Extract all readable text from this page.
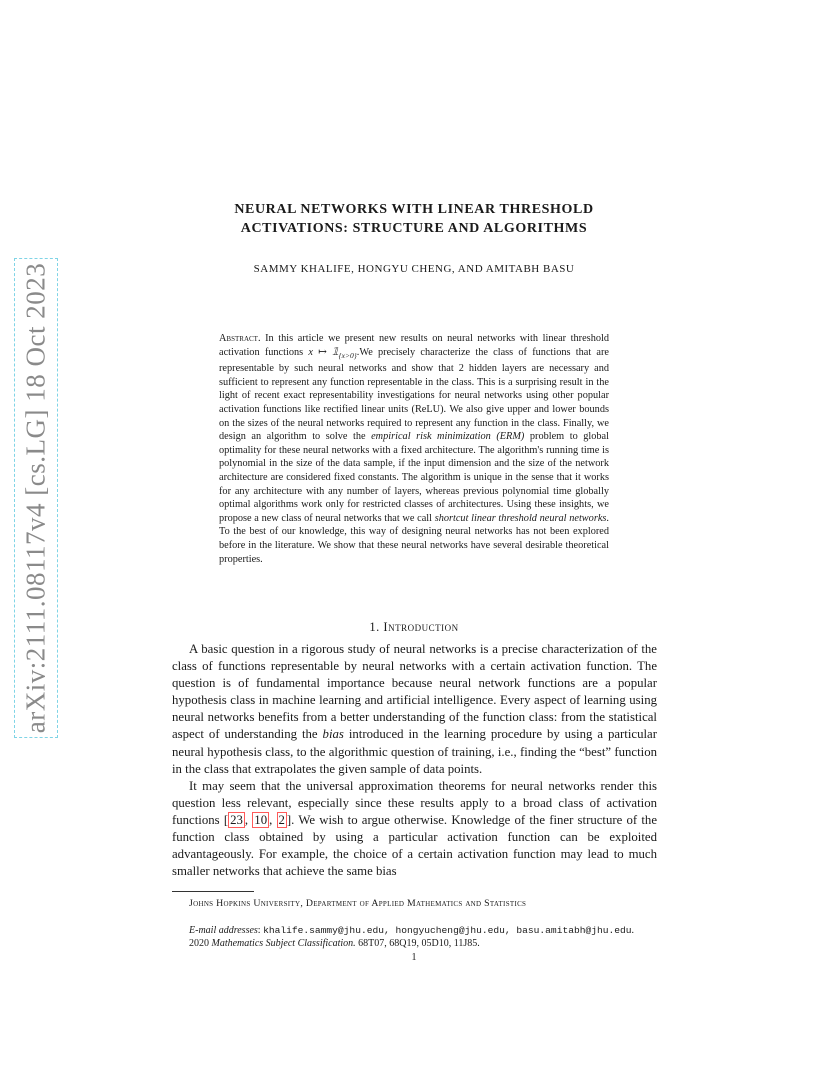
arXiv:2111.08117v4 [cs.LG] 18 Oct 2023
NEURAL NETWORKS WITH LINEAR THRESHOLD
ACTIVATIONS: STRUCTURE AND ALGORITHMS
SAMMY KHALIFE, HONGYU CHENG, AND AMITABH BASU
Abstract. In this article we present new results on neural networks with linear threshold activation functions x ↦ $𝟙_{\{x>0\}}.We$ precisely characterize the class of functions that are representable by such neural networks and show that 2 hidden layers are necessary and sufficient to represent any function representable in the class. This is a surprising result in the light of recent exact representability investigations for neural networks using other popular activation functions like rectified linear units (ReLU). We also give upper and lower bounds on the sizes of the neural networks required to represent any function in the class. Finally, we design an algorithm to solve the empirical risk minimization (ERM) problem to global optimality for these neural networks with a fixed architecture. The algorithm's running time is polynomial in the size of the data sample, if the input dimension and the size of the network architecture are considered fixed constants. The algorithm is unique in the sense that it works for any architecture with any number of layers, whereas previous polynomial time globally optimal algorithms work only for restricted classes of architectures. Using these insights, we propose a new class of neural networks that we call shortcut linear threshold neural networks. To the best of our knowledge, this way of designing neural networks has not been explored before in the literature. We show that these neural networks have several desirable theoretical properties.
1. Introduction

A basic question in a rigorous study of neural networks is a precise characterization of the class of functions representable by neural networks with a certain activation function. The question is of fundamental importance because neural network functions are a popular hypothesis class in machine learning and artificial intelligence. Every aspect of learning using neural networks benefits from a better understanding of the function class: from the statistical aspect of understanding the bias introduced in the learning procedure by using a particular neural hypothesis class, to the algorithmic question of training, i.e., finding the “best” function in the class that extrapolates the given sample of data points.

It may seem that the universal approximation theorems for neural networks render this question less relevant, especially since these results apply to a broad class of activation functions [ 23 , 10 , 2 ]. We wish to argue otherwise. Knowledge of the finer structure of the function class obtained by using a particular activation function can be exploited advantageously. For example, the choice of a certain activation function may lead to much smaller networks that achieve the same bias

Johns Hopkins University, Department of Applied Mathematics and Statistics
E-mail addresses: khalife.sammy@jhu.edu, hongyucheng@jhu.edu, basu.amitabh@jhu.edu.
2020 Mathematics Subject Classification. 68T07, 68Q19, 05D10, 11J85.
1
